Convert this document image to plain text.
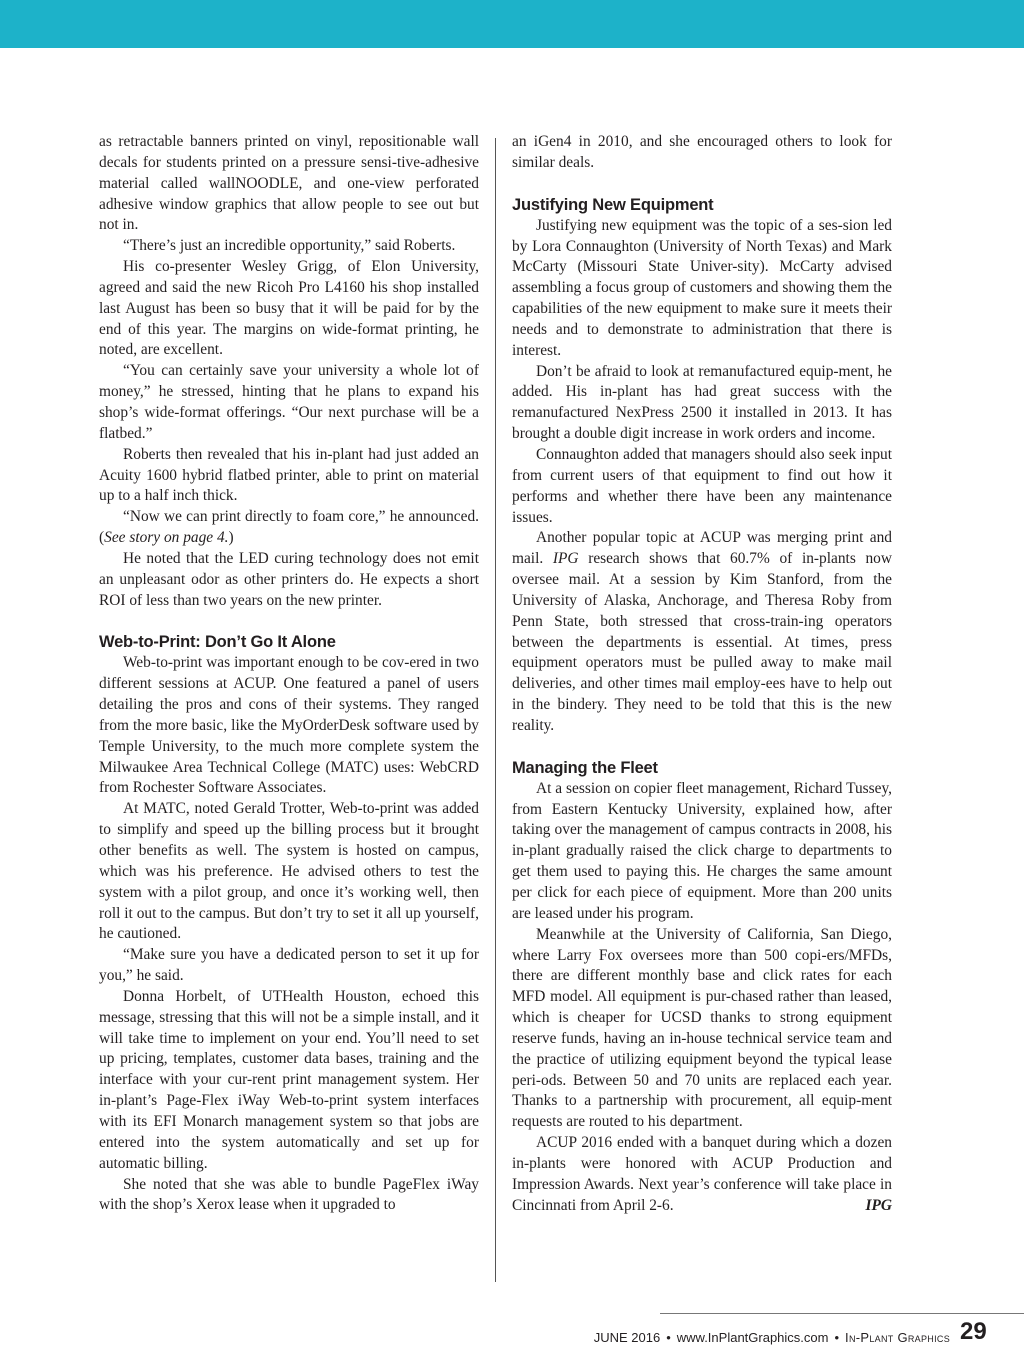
as retractable banners printed on vinyl, repositionable wall decals for students printed on a pressure sensi-tive-adhesive material called wallNOODLE, and one-view perforated adhesive window graphics that allow people to see out but not in.

“There’s just an incredible opportunity,” said Roberts.

His co-presenter Wesley Grigg, of Elon University, agreed and said the new Ricoh Pro L4160 his shop installed last August has been so busy that it will be paid for by the end of this year. The margins on wide-format printing, he noted, are excellent.

“You can certainly save your university a whole lot of money,” he stressed, hinting that he plans to expand his shop’s wide-format offerings. “Our next purchase will be a flatbed.”

Roberts then revealed that his in-plant had just added an Acuity 1600 hybrid flatbed printer, able to print on material up to a half inch thick.

“Now we can print directly to foam core,” he announced. (See story on page 4.)

He noted that the LED curing technology does not emit an unpleasant odor as other printers do. He expects a short ROI of less than two years on the new printer.

Web-to-Print: Don’t Go It Alone

Web-to-print was important enough to be cov-ered in two different sessions at ACUP. One featured a panel of users detailing the pros and cons of their systems. They ranged from the more basic, like the MyOrderDesk software used by Temple University, to the much more complete system the Milwaukee Area Technical College (MATC) uses: WebCRD from Rochester Software Associates.

At MATC, noted Gerald Trotter, Web-to-print was added to simplify and speed up the billing process but it brought other benefits as well. The system is hosted on campus, which was his preference. He advised others to test the system with a pilot group, and once it’s working well, then roll it out to the campus. But don’t try to set it all up yourself, he cautioned.

“Make sure you have a dedicated person to set it up for you,” he said.

Donna Horbelt, of UTHealth Houston, echoed this message, stressing that this will not be a simple install, and it will take time to implement on your end. You’ll need to set up pricing, templates, customer data bases, training and the interface with your cur-rent print management system. Her in-plant’s Page-Flex iWay Web-to-print system interfaces with its EFI Monarch management system so that jobs are entered into the system automatically and set up for automatic billing.

She noted that she was able to bundle PageFlex iWay with the shop’s Xerox lease when it upgraded to

an iGen4 in 2010, and she encouraged others to look for similar deals.

Justifying New Equipment

Justifying new equipment was the topic of a ses-sion led by Lora Connaughton (University of North Texas) and Mark McCarty (Missouri State Univer-sity). McCarty advised assembling a focus group of customers and showing them the capabilities of the new equipment to make sure it meets their needs and to demonstrate to administration that there is interest.

Don’t be afraid to look at remanufactured equip-ment, he added. His in-plant has had great success with the remanufactured NexPress 2500 it installed in 2013. It has brought a double digit increase in work orders and income.

Connaughton added that managers should also seek input from current users of that equipment to find out how it performs and whether there have been any maintenance issues.

Another popular topic at ACUP was merging print and mail. IPG research shows that 60.7% of in-plants now oversee mail. At a session by Kim Stanford, from the University of Alaska, Anchorage, and Theresa Roby from Penn State, both stressed that cross-train-ing operators between the departments is essential. At times, press equipment operators must be pulled away to make mail deliveries, and other times mail employ-ees have to help out in the bindery. They need to be told that this is the new reality.

Managing the Fleet

At a session on copier fleet management, Richard Tussey, from Eastern Kentucky University, explained how, after taking over the management of campus contracts in 2008, his in-plant gradually raised the click charge to departments to get them used to paying this. He charges the same amount per click for each piece of equipment. More than 200 units are leased under his program.

Meanwhile at the University of California, San Diego, where Larry Fox oversees more than 500 copi-ers/MFDs, there are different monthly base and click rates for each MFD model. All equipment is pur-chased rather than leased, which is cheaper for UCSD thanks to strong equipment reserve funds, having an in-house technical service team and the practice of utilizing equipment beyond the typical lease peri-ods. Between 50 and 70 units are replaced each year. Thanks to a partnership with procurement, all equip-ment requests are routed to his department.

ACUP 2016 ended with a banquet during which a dozen in-plants were honored with ACUP Production and Impression Awards. Next year’s conference will take place in Cincinnati from April 2-6.	IPG

JUNE 2016 • www.InPlantGraphics.com • In-Plant Graphics 29
